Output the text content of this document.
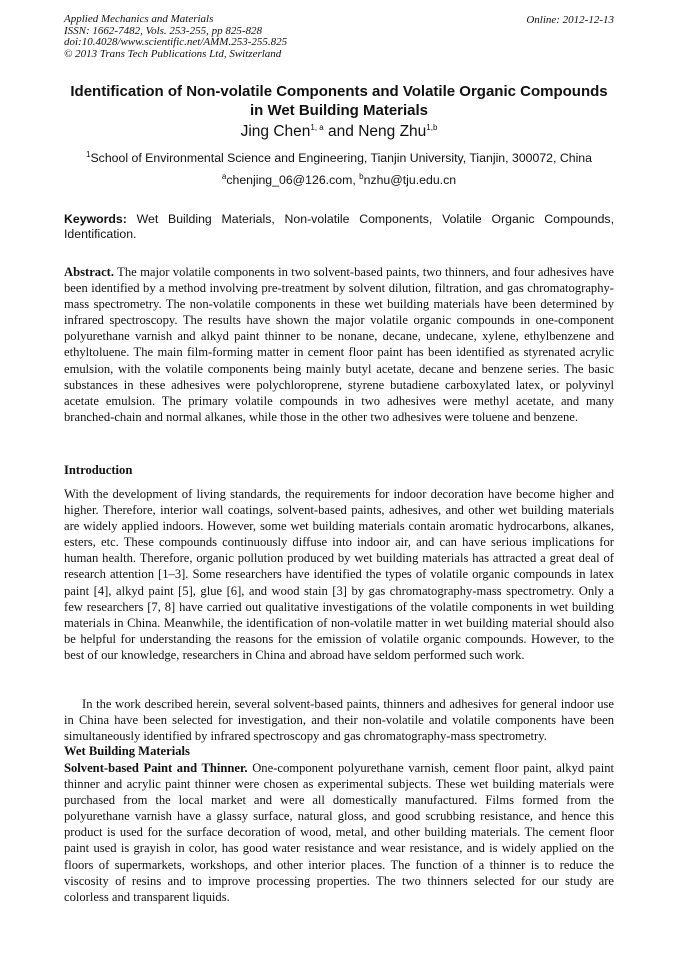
Applied Mechanics and Materials
ISSN: 1662-7482, Vols. 253-255, pp 825-828
doi:10.4028/www.scientific.net/AMM.253-255.825
© 2013 Trans Tech Publications Ltd, Switzerland
Online: 2012-12-13
Identification of Non-volatile Components and Volatile Organic Compounds in Wet Building Materials
Jing Chen$^{1, a}$ and Neng Zhu$^{1,b}$
$^1$School of Environmental Science and Engineering, Tianjin University, Tianjin, 300072, China
$^a$chenjing_06@126.com, $^b$nzhu@tju.edu.cn
Keywords: Wet Building Materials, Non-volatile Components, Volatile Organic Compounds, Identification.
Abstract. The major volatile components in two solvent-based paints, two thinners, and four adhesives have been identified by a method involving pre-treatment by solvent dilution, filtration, and gas chromatography-mass spectrometry. The non-volatile components in these wet building materials have been determined by infrared spectroscopy. The results have shown the major volatile organic compounds in one-component polyurethane varnish and alkyd paint thinner to be nonane, decane, undecane, xylene, ethylbenzene and ethyltoluene. The main film-forming matter in cement floor paint has been identified as styrenated acrylic emulsion, with the volatile components being mainly butyl acetate, decane and benzene series. The basic substances in these adhesives were polychloroprene, styrene butadiene carboxylated latex, or polyvinyl acetate emulsion. The primary volatile compounds in two adhesives were methyl acetate, and many branched-chain and normal alkanes, while those in the other two adhesives were toluene and benzene.
Introduction
With the development of living standards, the requirements for indoor decoration have become higher and higher. Therefore, interior wall coatings, solvent-based paints, adhesives, and other wet building materials are widely applied indoors. However, some wet building materials contain aromatic hydrocarbons, alkanes, esters, etc. These compounds continuously diffuse into indoor air, and can have serious implications for human health. Therefore, organic pollution produced by wet building materials has attracted a great deal of research attention [1–3]. Some researchers have identified the types of volatile organic compounds in latex paint [4], alkyd paint [5], glue [6], and wood stain [3] by gas chromatography-mass spectrometry. Only a few researchers [7, 8] have carried out qualitative investigations of the volatile components in wet building materials in China. Meanwhile, the identification of non-volatile matter in wet building material should also be helpful for understanding the reasons for the emission of volatile organic compounds. However, to the best of our knowledge, researchers in China and abroad have seldom performed such work.
In the work described herein, several solvent-based paints, thinners and adhesives for general indoor use in China have been selected for investigation, and their non-volatile and volatile components have been simultaneously identified by infrared spectroscopy and gas chromatography-mass spectrometry.
Wet Building Materials
Solvent-based Paint and Thinner. One-component polyurethane varnish, cement floor paint, alkyd paint thinner and acrylic paint thinner were chosen as experimental subjects. These wet building materials were purchased from the local market and were all domestically manufactured. Films formed from the polyurethane varnish have a glassy surface, natural gloss, and good scrubbing resistance, and hence this product is used for the surface decoration of wood, metal, and other building materials. The cement floor paint used is grayish in color, has good water resistance and wear resistance, and is widely applied on the floors of supermarkets, workshops, and other interior places. The function of a thinner is to reduce the viscosity of resins and to improve processing properties. The two thinners selected for our study are colorless and transparent liquids.
